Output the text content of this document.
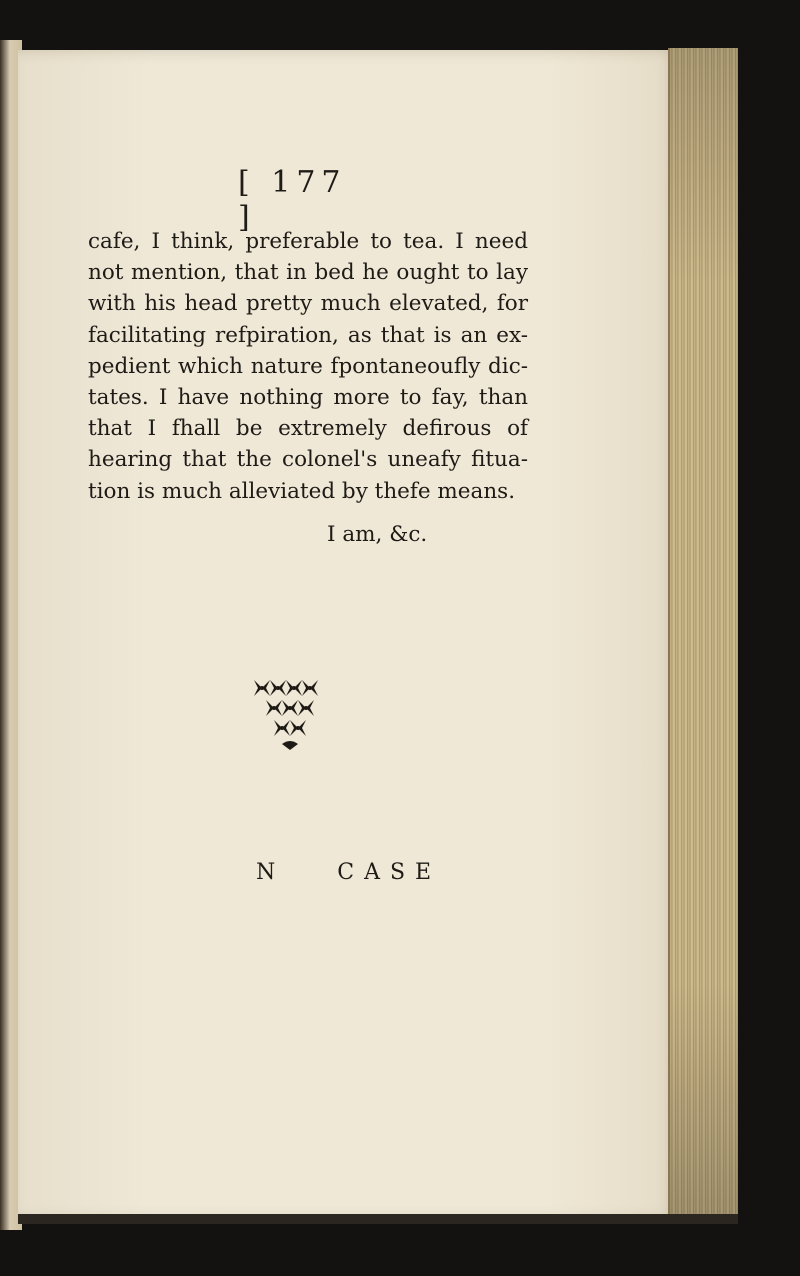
[ 177 ]
cafe, I think, preferable to tea. I need
not mention, that in bed he ought to lay
with his head pretty much elevated, for
facilitating refpiration, as that is an ex-
pedient which nature fpontaneoufly dic-
tates. I have nothing more to fay, than
that I fhall be extremely defirous of
hearing that the colonel's uneafy fitua-
tion is much alleviated by thefe means.
I am, &c.
N CASE
